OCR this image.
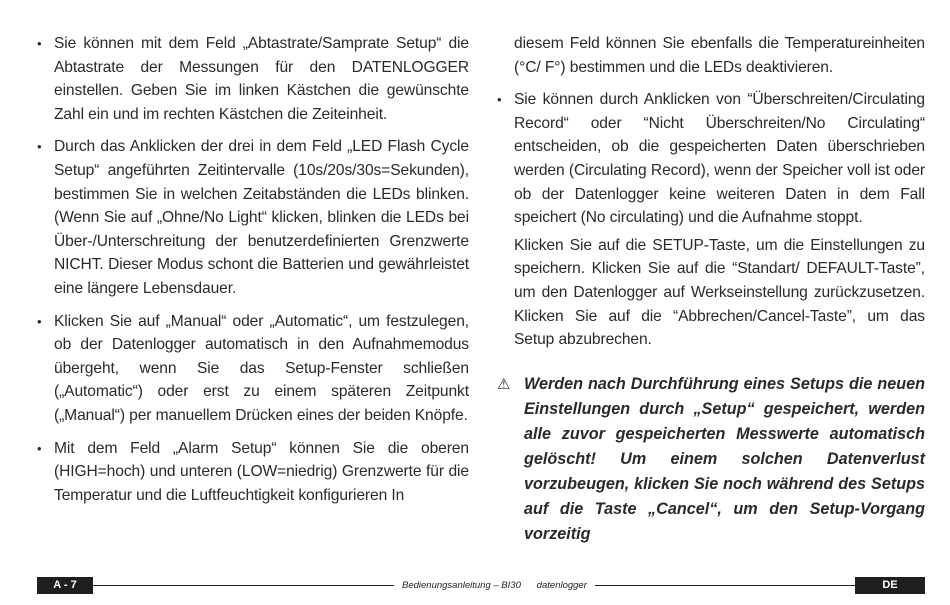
• Sie können mit dem Feld „Abtastrate/Samprate Setup“ die Abtastrate der Messungen für den DATENLOGGER einstellen. Geben Sie im linken Kästchen die gewünschte Zahl ein und im rechten Kästchen die Zeiteinheit.
• Durch das Anklicken der drei in dem Feld „LED Flash Cycle Setup“ angeführten Zeitintervalle (10s/20s/30s=Sekunden), bestimmen Sie in welchen Zeitabständen die LEDs blinken. (Wenn Sie auf „Ohne/No Light“ klicken, blinken die LEDs bei Über-/Unterschreitung der benutzerdefinierten Grenzwerte NICHT. Dieser Modus schont die Batterien und gewährleistet eine längere Lebensdauer.
• Klicken Sie auf „Manual“ oder „Automatic“, um festzulegen, ob der Datenlogger automatisch in den Aufnahmemodus übergeht, wenn Sie das Setup-Fenster schließen („Automatic“) oder erst zu einem späteren Zeitpunkt („Manual“) per manuellem Drücken eines der beiden Knöpfe.
• Mit dem Feld „Alarm Setup“ können Sie die oberen (HIGH=hoch) und unteren (LOW=niedrig) Grenzwerte für die Temperatur und die Luftfeuchtigkeit konfigurieren In

diesem Feld können Sie ebenfalls die Temperatureinheiten (°C/ F°) bestimmen und die LEDs deaktivieren.

• Sie können durch Anklicken von “Überschreiten/Circulating Record“ oder “Nicht Überschreiten/No Circulating“ entscheiden, ob die gespeicherten Daten überschrieben werden (Circulating Record), wenn der Speicher voll ist oder ob der Datenlogger keine weiteren Daten in dem Fall speichert (No circulating) und die Aufnahme stoppt.

Klicken Sie auf die SETUP-Taste, um die Einstellungen zu speichern. Klicken Sie auf die “Standart/ DEFAULT-Taste”, um den Datenlogger auf Werkseinstellung zurückzusetzen. Klicken Sie auf die “Abbrechen/Cancel-Taste”, um das Setup abzubrechen.

⚠ Werden nach Durchführung eines Setups die neuen Einstellungen durch „Setup“ gespeichert, werden alle zuvor gespeicherten Messwerte automatisch gelöscht! Um einem solchen Datenverlust vorzubeugen, klicken Sie noch während des Setups auf die Taste „Cancel“, um den Setup-Vorgang vorzeitig
A - 7	Bedienungsanleitung – BI30      datenlogger	DE
